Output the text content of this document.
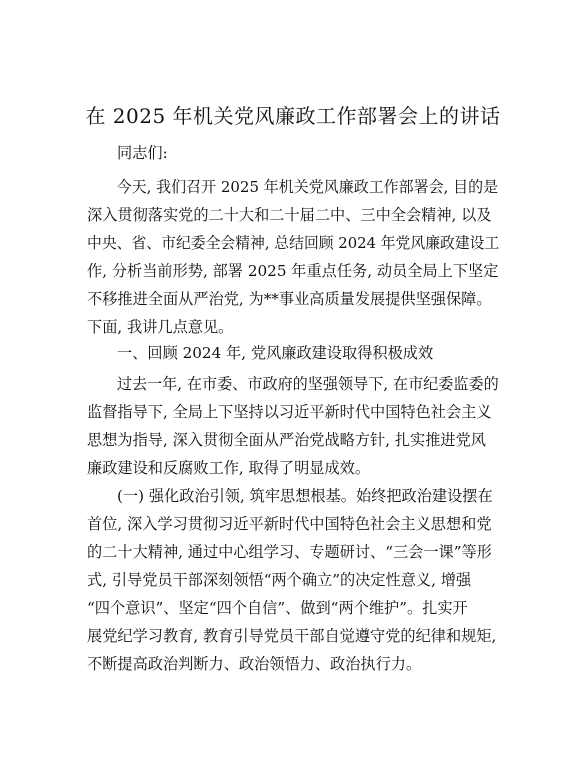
在 2025 年机关党风廉政工作部署会上的讲话
同志们:
今天, 我们召开 2025 年机关党风廉政工作部署会, 目的是
深入贯彻落实党的二十大和二十届二中、三中全会精神, 以及
中央、省、市纪委全会精神, 总结回顾 2024 年党风廉政建设工
作, 分析当前形势, 部署 2025 年重点任务, 动员全局上下坚定
不移推进全面从严治党, 为**事业高质量发展提供坚强保障。
下面, 我讲几点意见。
一、回顾 2024 年, 党风廉政建设取得积极成效
过去一年, 在市委、市政府的坚强领导下, 在市纪委监委的
监督指导下, 全局上下坚持以习近平新时代中国特色社会主义
思想为指导, 深入贯彻全面从严治党战略方针, 扎实推进党风
廉政建设和反腐败工作, 取得了明显成效。
(一) 强化政治引领, 筑牢思想根基。始终把政治建设摆在
首位, 深入学习贯彻习近平新时代中国特色社会主义思想和党
的二十大精神, 通过中心组学习、专题研讨、“三会一课”等形
式, 引导党员干部深刻领悟“两个确立”的决定性意义, 增强
“四个意识”、坚定“四个自信”、做到“两个维护”。扎实开
展党纪学习教育, 教育引导党员干部自觉遵守党的纪律和规矩,
不断提高政治判断力、政治领悟力、政治执行力。
